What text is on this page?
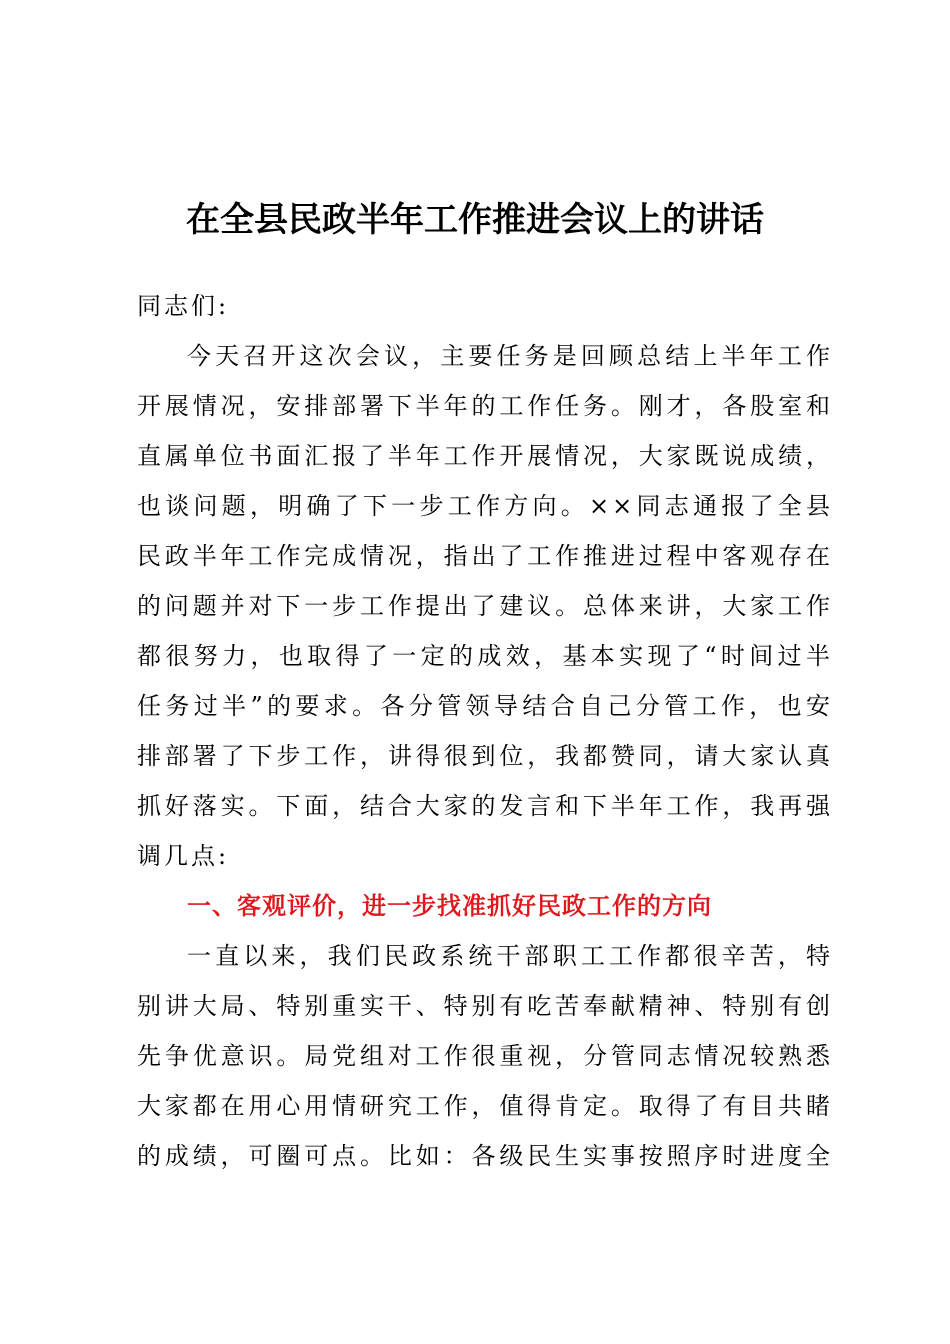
在全县民政半年工作推进会议上的讲话
同志们:
今天召开这次会议，主要任务是回顾总结上半年工作
开展情况，安排部署下半年的工作任务。刚才，各股室和
直属单位书面汇报了半年工作开展情况，大家既说成绩，
也谈问题，明确了下一步工作方向。××同志通报了全县
民政半年工作完成情况，指出了工作推进过程中客观存在
的问题并对下一步工作提出了建议。总体来讲，大家工作
都很努力，也取得了一定的成效，基本实现了“时间过半
任务过半”的要求。各分管领导结合自己分管工作，也安
排部署了下步工作，讲得很到位，我都赞同，请大家认真
抓好落实。下面，结合大家的发言和下半年工作，我再强
调几点:
一、客观评价，进一步找准抓好民政工作的方向
一直以来，我们民政系统干部职工工作都很辛苦，特
别讲大局、特别重实干、特别有吃苦奉献精神、特别有创
先争优意识。局党组对工作很重视，分管同志情况较熟悉
大家都在用心用情研究工作，值得肯定。取得了有目共睹
的成绩，可圈可点。比如：各级民生实事按照序时进度全
